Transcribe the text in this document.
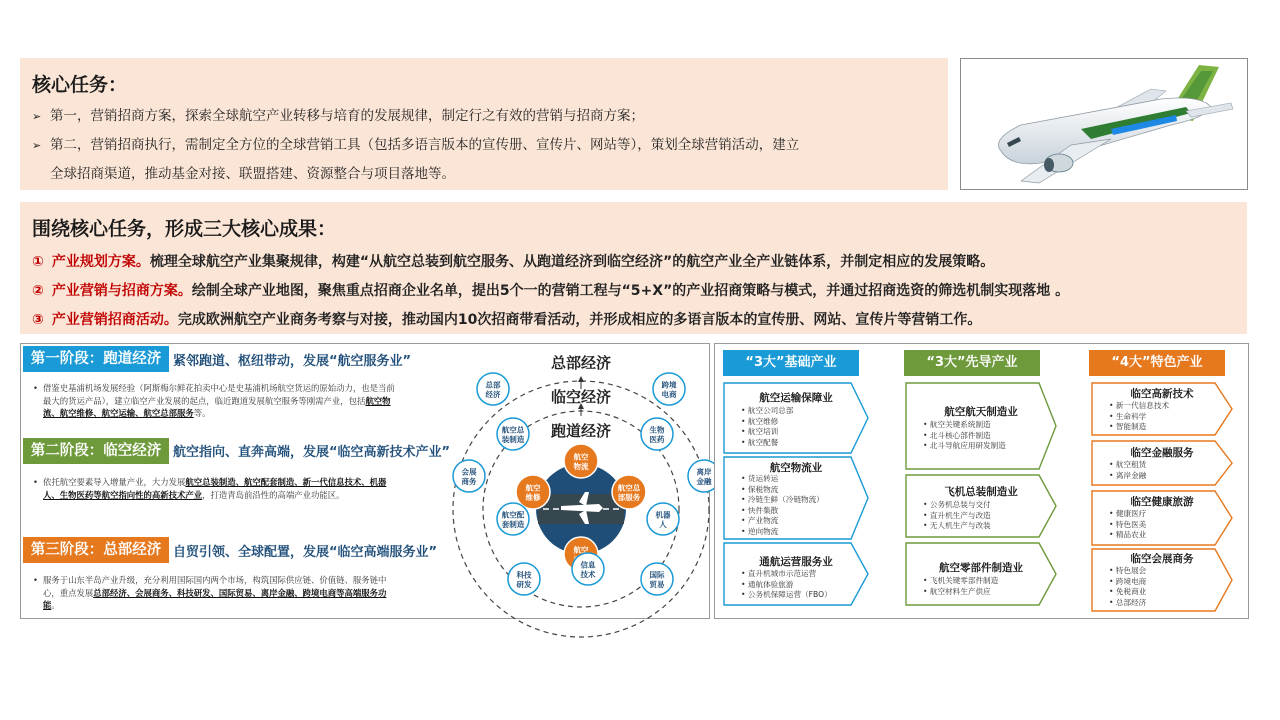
核心任务：
➢ 第一，营销招商方案，探索全球航空产业转移与培育的发展规律，制定行之有效的营销与招商方案；
➢ 第二，营销招商执行，需制定全方位的全球营销工具（包括多语言版本的宣传册、宣传片、网站等），策划全球营销活动，建立
全球招商渠道，推动基金对接、联盟搭建、资源整合与项目落地等。
围绕核心任务，形成三大核心成果：
① 产业规划方案。梳理全球航空产业集聚规律，构建“从航空总装到航空服务、从跑道经济到临空经济”的航空产业全产业链体系，并制定相应的发展策略。
② 产业营销与招商方案。绘制全球产业地图，聚焦重点招商企业名单，提出5个一的营销工程与“5+X”的产业招商策略与模式，并通过招商选资的筛选机制实现落地 。
③ 产业营销招商活动。完成欧洲航空产业商务考察与对接，推动国内10次招商带看活动，并形成相应的多语言版本的宣传册、网站、宣传片等营销工作。
第一阶段：跑道经济 紧邻跑道、枢纽带动，发展“航空服务业”
• 借鉴史基浦机场发展经验（阿斯梅尔鲜花拍卖中心是史基浦机场航空货运的原始动力，也是当前最大的货运产品），建立临空产业发展的起点，临近跑道发展航空服务等刚需产业，包括航空物流、航空维修、航空运输、航空总部服务等。
第二阶段：临空经济 航空指向、直奔高端，发展“临空高新技术产业”
• 依托航空要素导入增量产业，大力发展航空总装制造、航空配套制造、新一代信息技术、机器人、生物医药等航空指向性的高新技术产业，打造青岛前沿性的高端产业功能区。
第三阶段：总部经济 自贸引领、全球配置，发展“临空高端服务业”
• 服务于山东半岛产业升级，充分利用国际国内两个市场，构筑国际供应链、价值链、服务链中心，重点发展总部经济、会展商务、科技研发、国际贸易、离岸金融、跨境电商等高端服务功能。
总部经济
临空经济
跑道经济
航空
物流
航空总
部服务
航空
航空
维修
总部
经济
跨境
电商
航空总
装制造
生物
医药
会展
商务
离岸
金融
航空配
套制造
机器
人
科技
研发
信息
技术	国际
贸易
“3大”基础产业	“3大”先导产业	“4大”特色产业
航空运输保障业
• 航空公司总部
• 航空维修
• 航空培训
• 航空配餐
航空物流业
• 货运转运
• 保税物流
• 冷链生鲜（冷链物流）
• 快件集散
• 产业物流
• 逆向物流
通航运营服务业
• 直升机城市示范运营
• 通航体验旅游
• 公务机保障运营（FBO）
航空航天制造业
• 航空关键系统制造
• 北斗核心部件制造
• 北斗导航应用研发制造
飞机总装制造业
• 公务机总装与交付
• 直升机生产与改造
• 无人机生产与改装
航空零部件制造业
• 飞机关键零部件制造
• 航空材料生产供应
临空高新技术
• 新一代信息技术
• 生命科学
• 智能制造
临空金融服务
• 航空租赁
• 离岸金融
临空健康旅游
• 健康医疗
• 特色医美
• 精品农业
临空会展商务
• 特色展会
• 跨境电商
• 免税商业
• 总部经济
